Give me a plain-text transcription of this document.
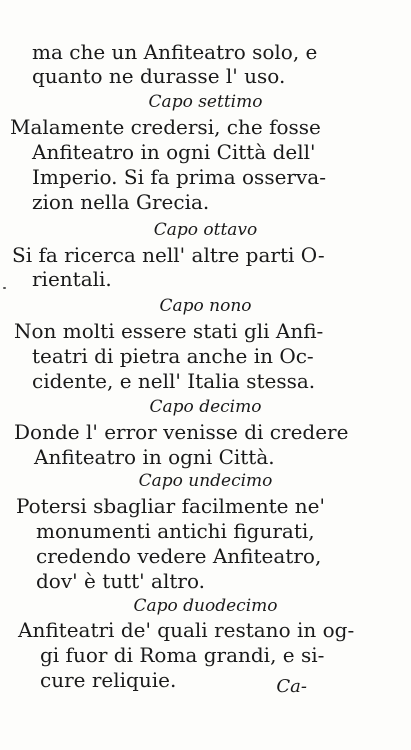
ma che un Anfiteatro solo, e
quanto ne durasse l' uso.
Capo settimo
Malamente credersi, che fosse
Anfiteatro in ogni Città dell'
Imperio. Si fa prima osserva-
zion nella Grecia.
Capo ottavo
Si fa ricerca nell' altre parti O-
rientali.
Capo nono
Non molti essere stati gli Anfi-
teatri di pietra anche in Oc-
cidente, e nell' Italia stessa.
Capo decimo
Donde l' error venisse di credere
Anfiteatro in ogni Città.
Capo undecimo
Potersi sbagliar facilmente ne'
monumenti antichi figurati,
credendo vedere Anfiteatro,
dov' è tutt' altro.
Capo duodecimo
Anfiteatri de' quali restano in og-
gi fuor di Roma grandi, e si-
cure reliquie.	Ca-
